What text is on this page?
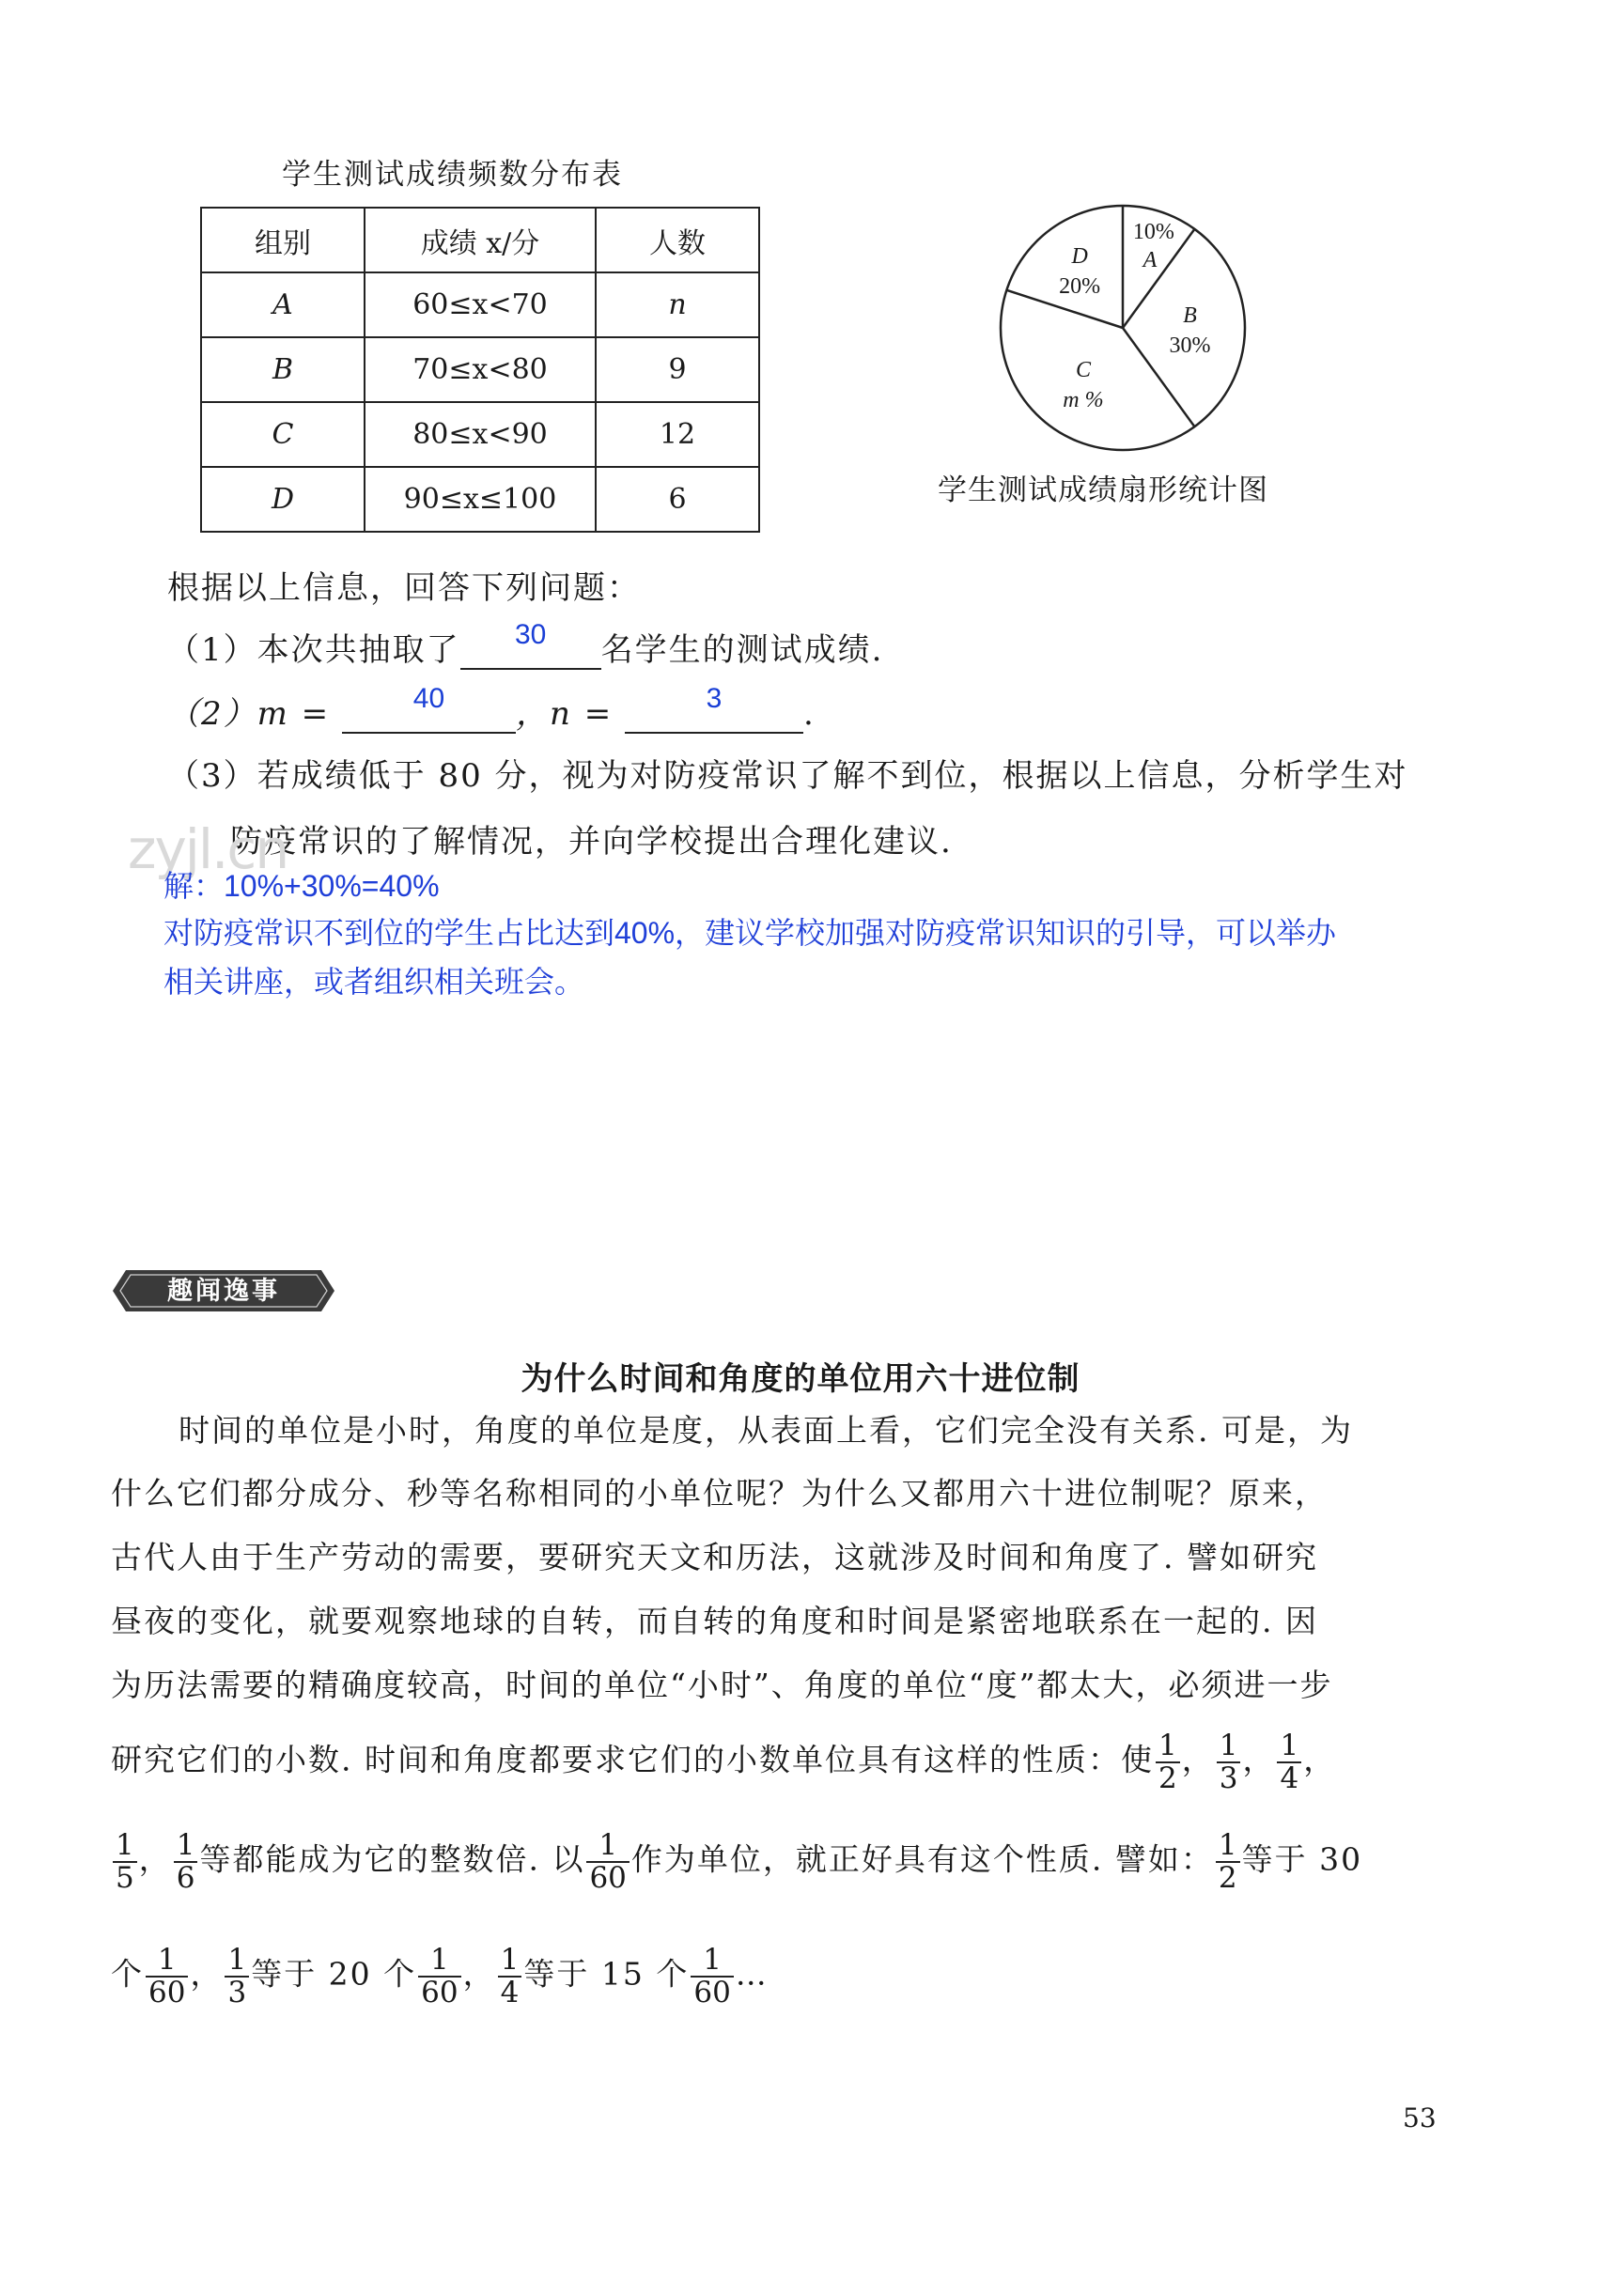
学生测试成绩频数分布表
组别	成绩 x/分	人数
A	60≤x<70	n
B	70≤x<80	9
C	80≤x<90	12
D	90≤x≤100	6
A
10%
B
30%
C
m %
D
20%
学生测试成绩扇形统计图
根据以上信息，回答下列问题：
（1）本次共抽取了	30	名学生的测试成绩.
（2）m =	40	，n =	3	.
（3）若成绩低于 80 分，视为对防疫常识了解不到位，根据以上信息，分析学生对
防疫常识的了解情况，并向学校提出合理化建议.
zyjl.cn
解：10%+30%=40%
对防疫常识不到位的学生占比达到40%，建议学校加强对防疫常识知识的引导，可以举办
相关讲座，或者组织相关班会。
趣闻逸事
为什么时间和角度的单位用六十进位制
时间的单位是小时，角度的单位是度，从表面上看，它们完全没有关系. 可是，为
什么它们都分成分、秒等名称相同的小单位呢？为什么又都用六十进位制呢？原来，
古代人由于生产劳动的需要，要研究天文和历法，这就涉及时间和角度了. 譬如研究
昼夜的变化，就要观察地球的自转，而自转的角度和时间是紧密地联系在一起的. 因
为历法需要的精确度较高，时间的单位“小时”、角度的单位“度”都太大，必须进一步
研究它们的小数. 时间和角度都要求它们的小数单位具有这样的性质：使 $\frac{1}{2}$ ， $\frac{1}{3}$ ， $\frac{1}{4}$ ，
$\frac{1}{5}$ ， $\frac{1}{6}$ 等都能成为它的整数倍. 以 $\frac{1}{60}$ 作为单位，就正好具有这个性质. 譬如： $\frac{1}{2}$ 等于 30
个 $\frac{1}{60}$ ， $\frac{1}{3}$ 等于 20 个 $\frac{1}{60}$ ， $\frac{1}{4}$ 等于 15 个 $\frac{1}{60}$ …
53
